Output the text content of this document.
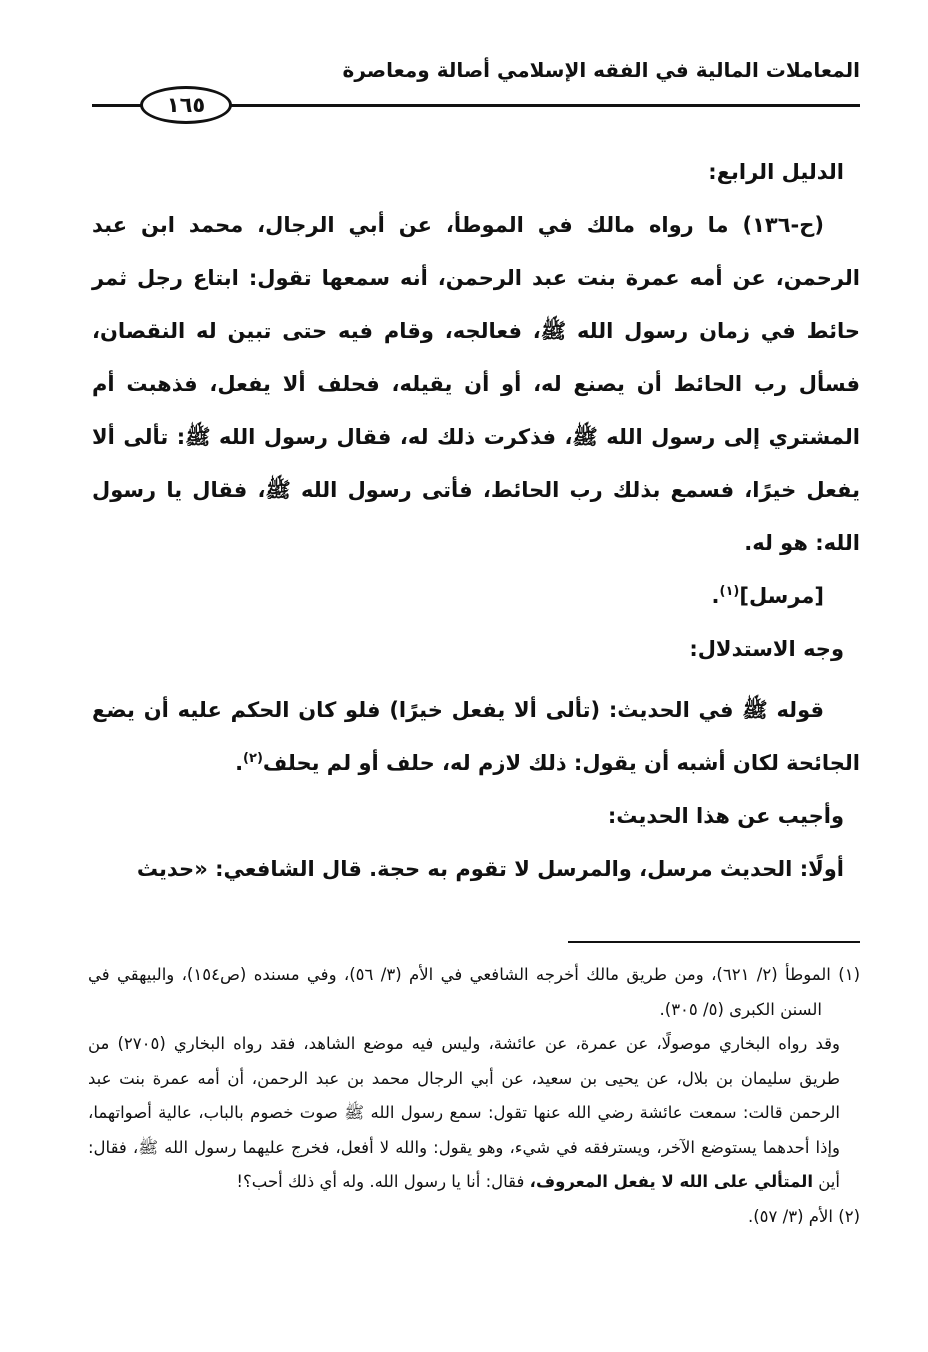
المعاملات المالية في الفقه الإسلامي أصالة ومعاصرة
١٦٥

الدليل الرابع:

(ح-١٣٦) ما رواه مالك في الموطأ، عن أبي الرجال، محمد ابن عبد الرحمن، عن أمه عمرة بنت عبد الرحمن، أنه سمعها تقول: ابتاع رجل ثمر حائط في زمان رسول الله ﷺ، فعالجه، وقام فيه حتى تبين له النقصان، فسأل رب الحائط أن يصنع له، أو أن يقيله، فحلف ألا يفعل، فذهبت أم المشتري إلى رسول الله ﷺ، فذكرت ذلك له، فقال رسول الله ﷺ: تألى ألا يفعل خيرًا، فسمع بذلك رب الحائط، فأتى رسول الله ﷺ، فقال يا رسول الله: هو له.

[مرسل]$^{(١)}$.

وجه الاستدلال:

قوله ﷺ في الحديث: (تألى ألا يفعل خيرًا) فلو كان الحكم عليه أن يضع الجائحة لكان أشبه أن يقول: ذلك لازم له، حلف أو لم يحلف$^{(٢)}$.

وأجيب عن هذا الحديث:

أولًا: الحديث مرسل، والمرسل لا تقوم به حجة. قال الشافعي: «حديث

(١) الموطأ (٢/ ٦٢١)، ومن طريق مالك أخرجه الشافعي في الأم (٣/ ٥٦)، وفي مسنده (ص١٥٤)، والبيهقي في السنن الكبرى (٥/ ٣٠٥).

وقد رواه البخاري موصولًا، عن عمرة، عن عائشة، وليس فيه موضع الشاهد، فقد رواه البخاري (٢٧٠٥) من طريق سليمان بن بلال، عن يحيى بن سعيد، عن أبي الرجال محمد بن عبد الرحمن، أن أمه عمرة بنت عبد الرحمن قالت: سمعت عائشة رضي الله عنها تقول: سمع رسول الله ﷺ صوت خصوم بالباب، عالية أصواتهما، وإذا أحدهما يستوضع الآخر، ويسترفقه في شيء، وهو يقول: والله لا أفعل، فخرج عليهما رسول الله ﷺ، فقال: أين المتألي على الله لا يفعل المعروف، فقال: أنا يا رسول الله. وله أي ذلك أحب؟!

(٢) الأم (٣/ ٥٧).
